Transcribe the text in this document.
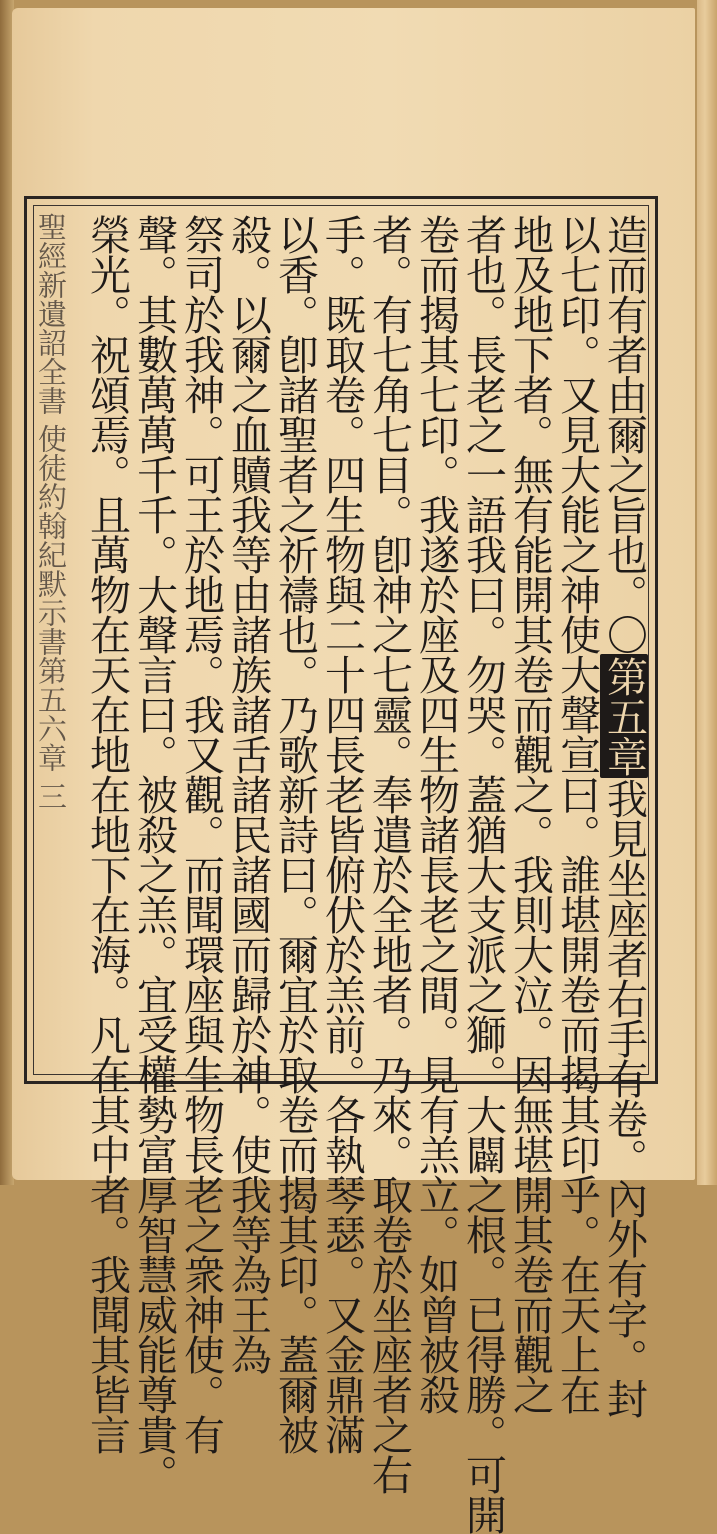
聖經新遺詔全書 使徒約翰紀默示書第五六章 三	造而有者由爾之旨也。〇第五章我見坐座者右手有卷。內外有字。封
以七印。又見大能之神使大聲宣曰。誰堪開卷而揭其印乎。在天上在
地及地下者。無有能開其卷而觀之。我則大泣。因無堪開其卷而觀之
者也。長老之一語我曰。勿哭。蓋猶大支派之獅。大闢之根。已得勝。可開
卷而揭其七印。我遂於座及四生物諸長老之間。見有羔立。如曾被殺
者。有七角七目。卽神之七靈。奉遣於全地者。乃來。取卷於坐座者之右
手。既取卷。四生物與二十四長老皆俯伏於羔前。各執琴瑟。又金鼎滿
以香。卽諸聖者之祈禱也。乃歌新詩曰。爾宜於取卷而揭其印。蓋爾被
殺。以爾之血贖我等由諸族諸舌諸民諸國而歸於神。使我等為王為
祭司於我神。可王於地焉。我又觀。而聞環座與生物長老之衆神使。有
聲。其數萬萬千千。大聲言曰。被殺之羔。宜受權勢富厚智慧威能尊貴。
榮光。祝頌焉。且萬物在天在地在地下在海。凡在其中者。我聞其皆言
